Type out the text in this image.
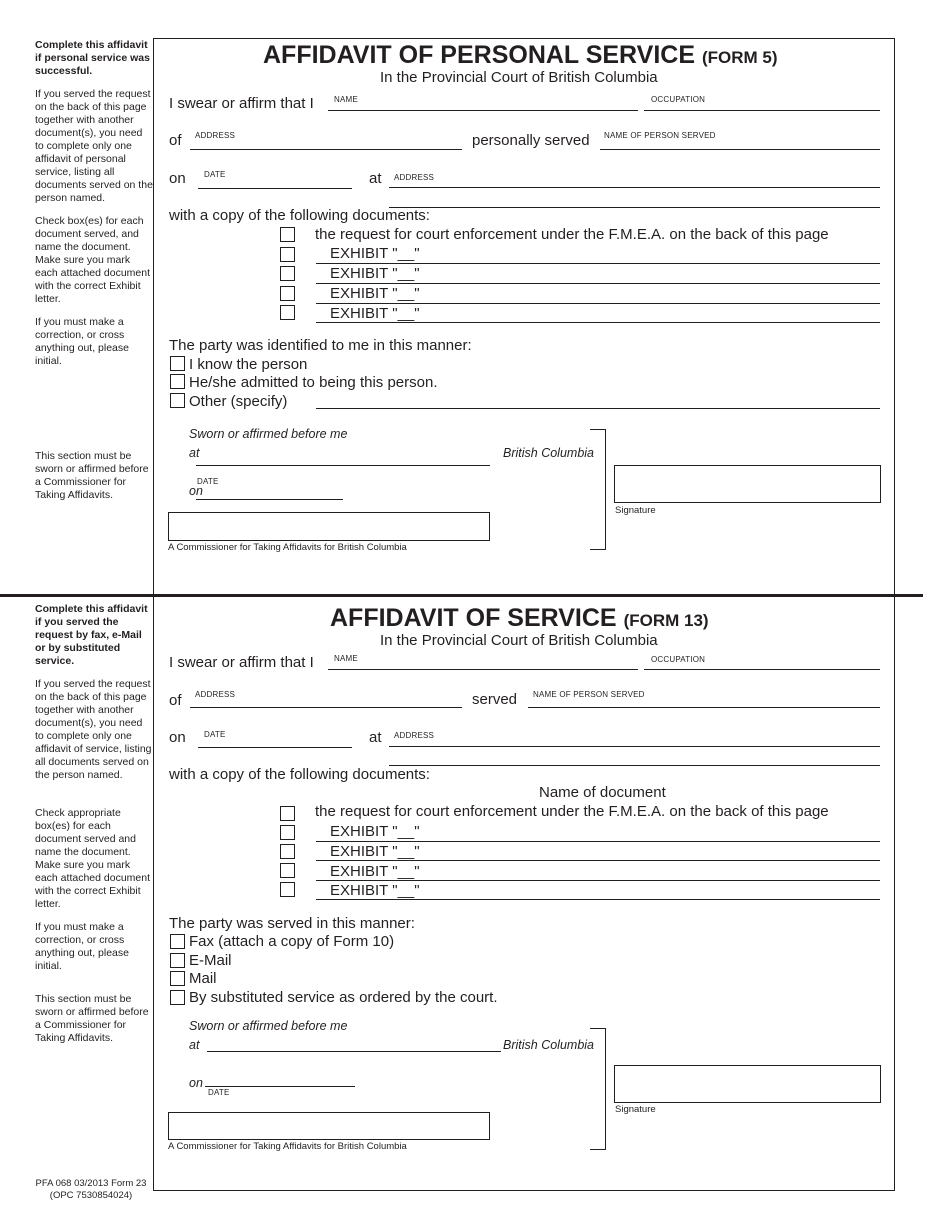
Complete this affidavit if personal service was successful.

If you served the request on the back of this page together with another document(s), you need to complete only one affidavit of personal service, listing all documents served on the person named.

Check box(es) for each document served, and name the document. Make sure you mark each attached document with the correct Exhibit letter.

If you must make a correction, or cross anything out, please initial.

This section must be sworn or affirmed before a Commissioner for Taking Affidavits.
AFFIDAVIT OF PERSONAL SERVICE (FORM 5)
In the Provincial Court of British Columbia
I swear or affirm that I	NAME	OCCUPATION
of ADDRESS	personally served NAME OF PERSON SERVED
on DATE	at ADDRESS
with a copy of the following documents:
the request for court enforcement under the F.M.E.A. on the back of this page
EXHIBIT "__"
EXHIBIT "__"
EXHIBIT "__"
EXHIBIT "__"
The party was identified to me in this manner:
I know the person
He/she admitted to being this person.
Other (specify)
Sworn or affirmed before me
at	British Columbia
DATE
on
A Commissioner for Taking Affidavits for British Columbia
Signature

Complete this affidavit if you served the request by fax, e-Mail or by substituted service.

If you served the request on the back of this page together with another document(s), you need to complete only one affidavit of service, listing all documents served on the person named.

Check appropriate box(es) for each document served and name the document. Make sure you mark each attached document with the correct Exhibit letter.

If you must make a correction, or cross anything out, please initial.

This section must be sworn or affirmed before a Commissioner for Taking Affidavits.

AFFIDAVIT OF SERVICE (FORM 13)
In the Provincial Court of British Columbia
I swear or affirm that I	NAME	OCCUPATION
of ADDRESS	served NAME OF PERSON SERVED
on DATE	at ADDRESS
with a copy of the following documents:
Name of document
the request for court enforcement under the F.M.E.A. on the back of this page
EXHIBIT "__"
EXHIBIT "__"
EXHIBIT "__"
EXHIBIT "__"
The party was served in this manner:
Fax (attach a copy of Form 10)
E-Mail
Mail
By substituted service as ordered by the court.
Sworn or affirmed before me
at	British Columbia
on
DATE
A Commissioner for Taking Affidavits for British Columbia
Signature
PFA 068 03/2013 Form 23
(OPC 7530854024)
